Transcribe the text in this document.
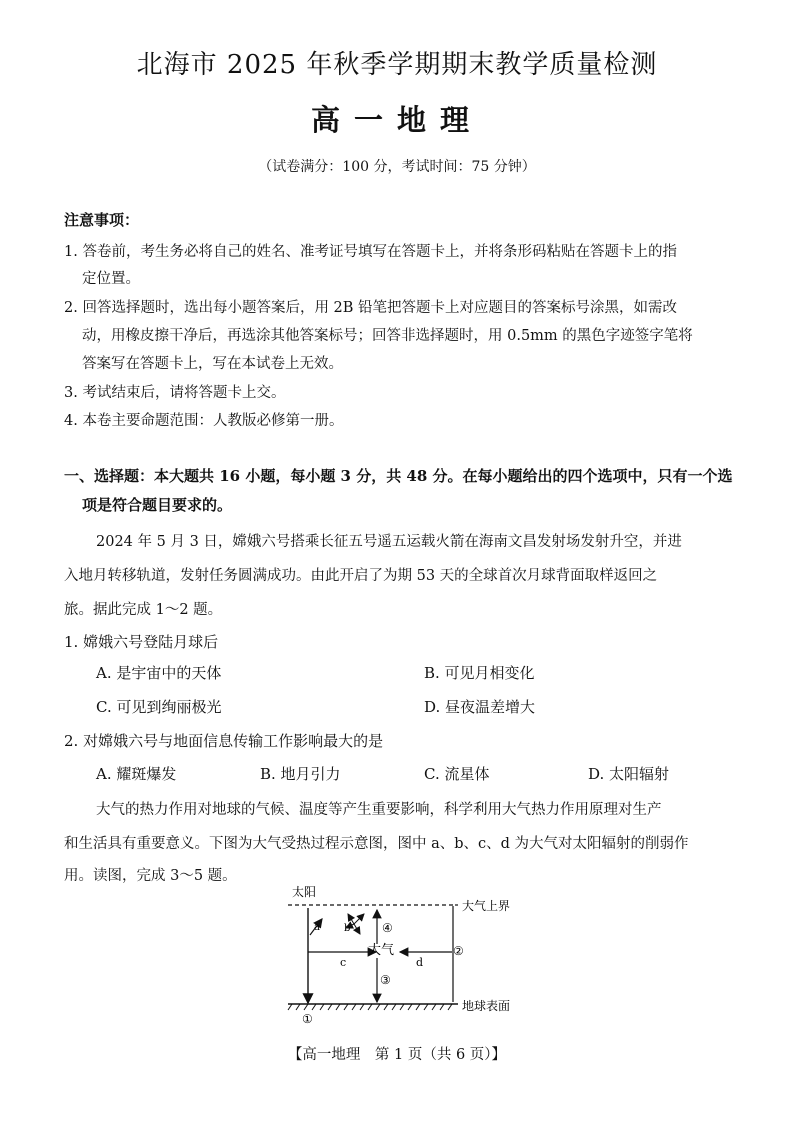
北海市 2025 年秋季学期期末教学质量检测
高一地理
（试卷满分：100 分，考试时间：75 分钟）
注意事项：
1. 答卷前，考生务必将自己的姓名、准考证号填写在答题卡上，并将条形码粘贴在答题卡上的指
定位置。
2. 回答选择题时，选出每小题答案后，用 2B 铅笔把答题卡上对应题目的答案标号涂黑，如需改
动，用橡皮擦干净后，再选涂其他答案标号；回答非选择题时，用 0.5mm 的黑色字迹签字笔将
答案写在答题卡上，写在本试卷上无效。
3. 考试结束后，请将答题卡上交。
4. 本卷主要命题范围：人教版必修第一册。
一、选择题：本大题共 16 小题，每小题 3 分，共 48 分。在每小题给出的四个选项中，只有一个选
项是符合题目要求的。
2024 年 5 月 3 日，嫦娥六号搭乘长征五号遥五运载火箭在海南文昌发射场发射升空，并进
入地月转移轨道，发射任务圆满成功。由此开启了为期 53 天的全球首次月球背面取样返回之
旅。据此完成 1～2 题。
1. 嫦娥六号登陆月球后
A. 是宇宙中的天体	B. 可见月相变化
C. 可见到绚丽极光	D. 昼夜温差增大
2. 对嫦娥六号与地面信息传输工作影响最大的是
A. 耀斑爆发	B. 地月引力	C. 流星体	D. 太阳辐射
大气的热力作用对地球的气候、温度等产生重要影响，科学利用大气热力作用原理对生产
和生活具有重要意义。下图为大气受热过程示意图，图中 a、b、c、d 为大气对太阳辐射的削弱作
用。读图，完成 3～5 题。
太阳
大气上界
a b
c
大气
④
③
②
d
①
地球表面
【高一地理　第 1 页（共 6 页）】
